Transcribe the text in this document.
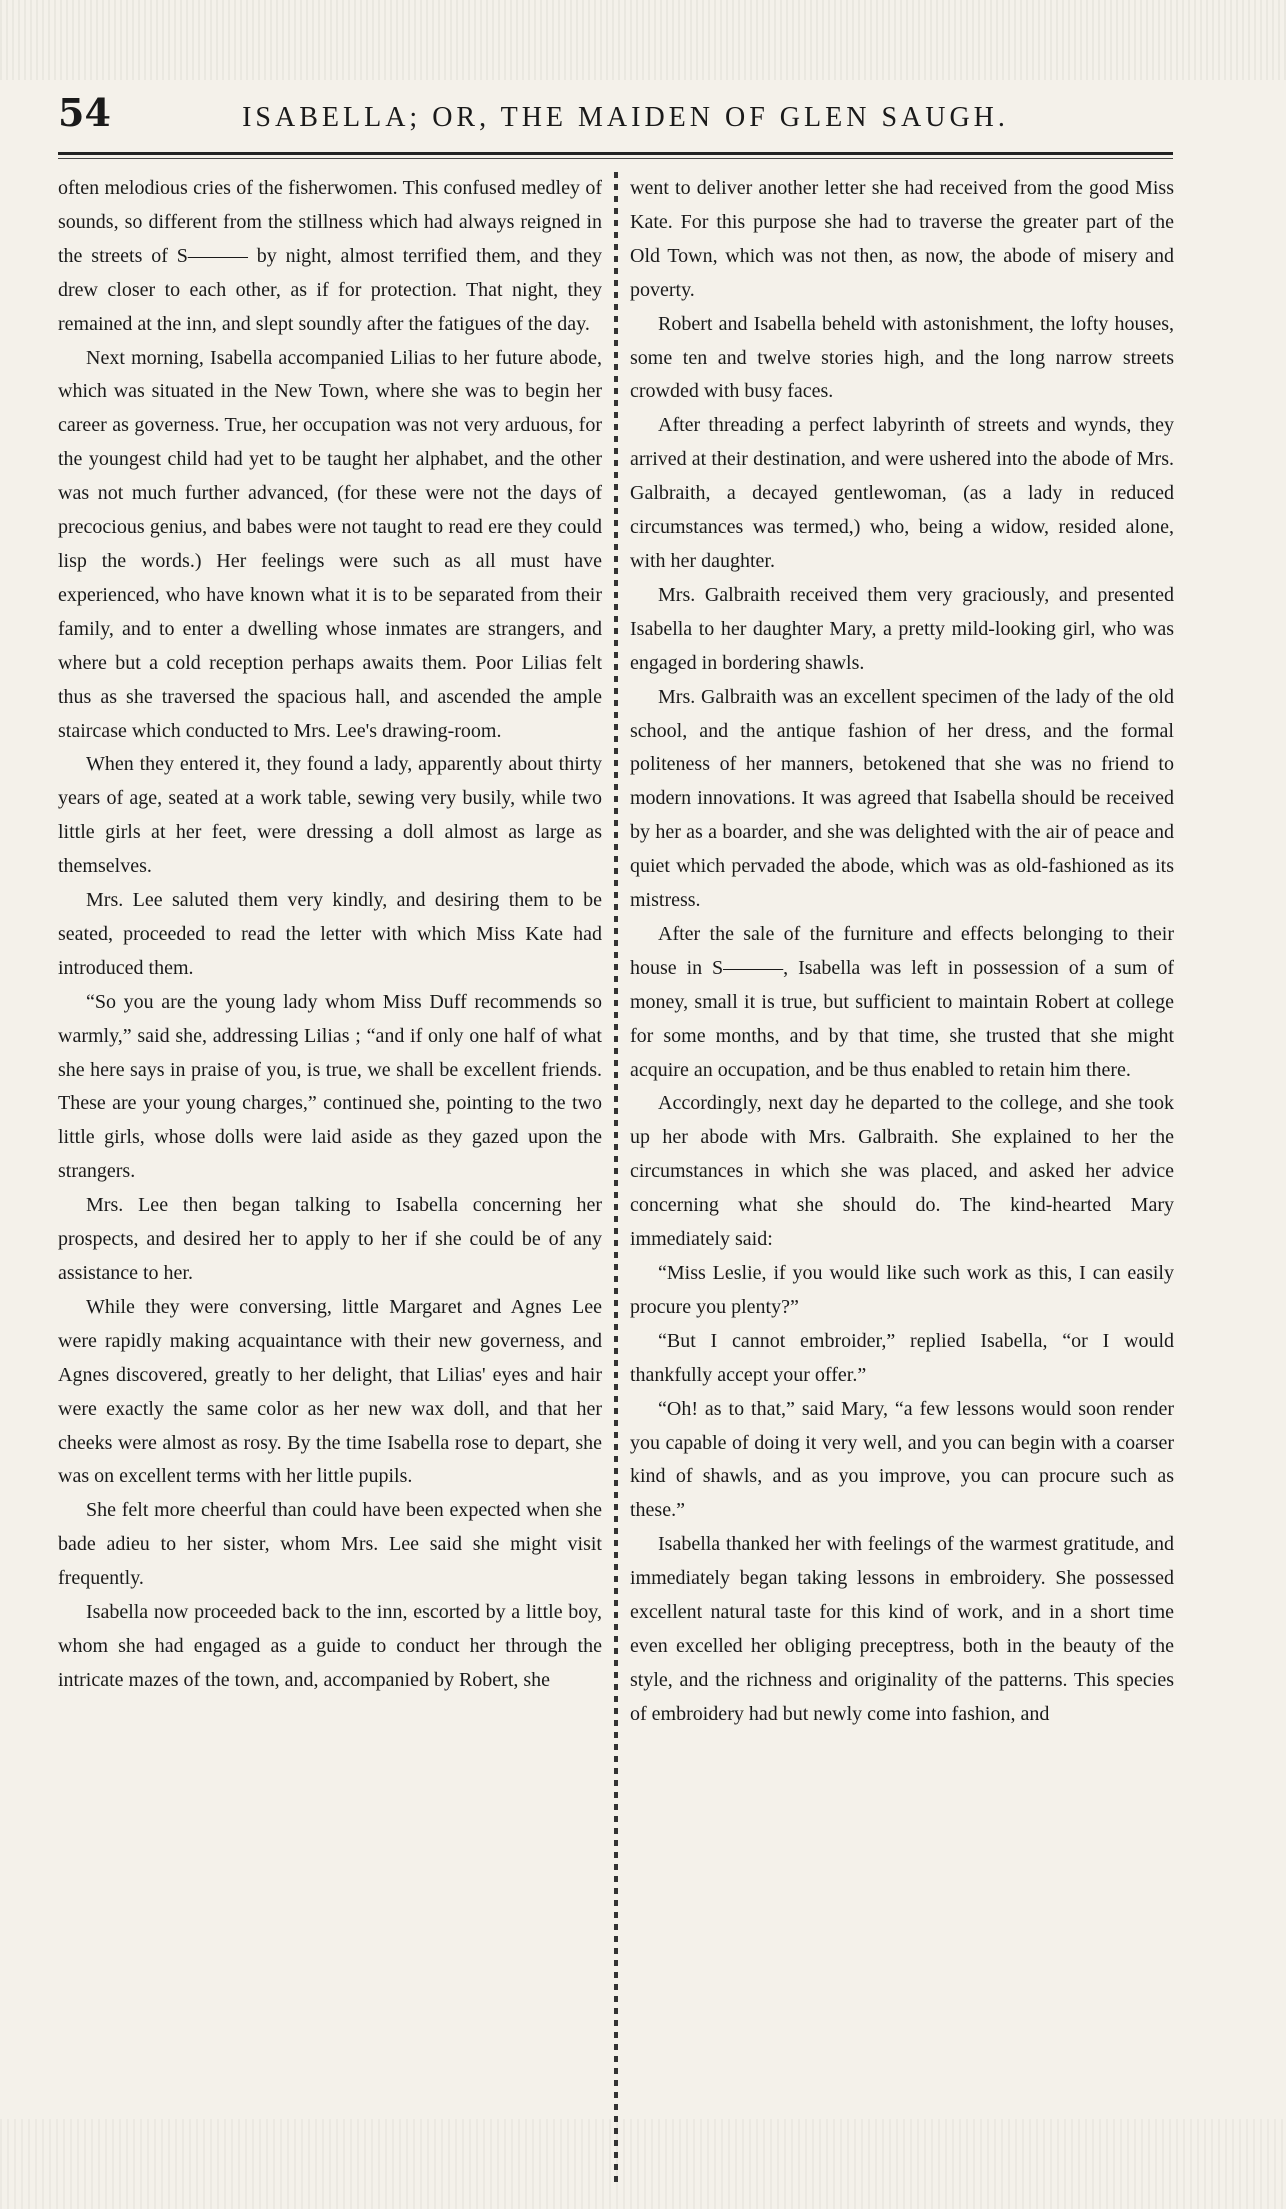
54	ISABELLA; OR, THE MAIDEN OF GLEN SAUGH.

often melodious cries of the fisherwomen. This confused medley of sounds, so different from the stillness which had always reigned in the streets of S——— by night, almost terrified them, and they drew closer to each other, as if for protection. That night, they remained at the inn, and slept soundly after the fatigues of the day.

Next morning, Isabella accompanied Lilias to her future abode, which was situated in the New Town, where she was to begin her career as governess. True, her occupation was not very arduous, for the youngest child had yet to be taught her alphabet, and the other was not much further advanced, (for these were not the days of precocious genius, and babes were not taught to read ere they could lisp the words.) Her feelings were such as all must have experienced, who have known what it is to be separated from their family, and to enter a dwelling whose inmates are strangers, and where but a cold reception perhaps awaits them. Poor Lilias felt thus as she traversed the spacious hall, and ascended the ample staircase which conducted to Mrs. Lee's drawing-room.

When they entered it, they found a lady, apparently about thirty years of age, seated at a work table, sewing very busily, while two little girls at her feet, were dressing a doll almost as large as themselves.

Mrs. Lee saluted them very kindly, and desiring them to be seated, proceeded to read the letter with which Miss Kate had introduced them.

“So you are the young lady whom Miss Duff recommends so warmly,” said she, addressing Lilias ; “and if only one half of what she here says in praise of you, is true, we shall be excellent friends. These are your young charges,” continued she, pointing to the two little girls, whose dolls were laid aside as they gazed upon the strangers.

Mrs. Lee then began talking to Isabella concerning her prospects, and desired her to apply to her if she could be of any assistance to her.

While they were conversing, little Margaret and Agnes Lee were rapidly making acquaintance with their new governess, and Agnes discovered, greatly to her delight, that Lilias' eyes and hair were exactly the same color as her new wax doll, and that her cheeks were almost as rosy. By the time Isabella rose to depart, she was on excellent terms with her little pupils.

She felt more cheerful than could have been expected when she bade adieu to her sister, whom Mrs. Lee said she might visit frequently.

Isabella now proceeded back to the inn, escorted by a little boy, whom she had engaged as a guide to conduct her through the intricate mazes of the town, and, accompanied by Robert, she

went to deliver another letter she had received from the good Miss Kate. For this purpose she had to traverse the greater part of the Old Town, which was not then, as now, the abode of misery and poverty.

Robert and Isabella beheld with astonishment, the lofty houses, some ten and twelve stories high, and the long narrow streets crowded with busy faces.

After threading a perfect labyrinth of streets and wynds, they arrived at their destination, and were ushered into the abode of Mrs. Galbraith, a decayed gentlewoman, (as a lady in reduced circumstances was termed,) who, being a widow, resided alone, with her daughter.

Mrs. Galbraith received them very graciously, and presented Isabella to her daughter Mary, a pretty mild-looking girl, who was engaged in bordering shawls.

Mrs. Galbraith was an excellent specimen of the lady of the old school, and the antique fashion of her dress, and the formal politeness of her manners, betokened that she was no friend to modern innovations. It was agreed that Isabella should be received by her as a boarder, and she was delighted with the air of peace and quiet which pervaded the abode, which was as old-fashioned as its mistress.

After the sale of the furniture and effects belonging to their house in S———, Isabella was left in possession of a sum of money, small it is true, but sufficient to maintain Robert at college for some months, and by that time, she trusted that she might acquire an occupation, and be thus enabled to retain him there.

Accordingly, next day he departed to the college, and she took up her abode with Mrs. Galbraith. She explained to her the circumstances in which she was placed, and asked her advice concerning what she should do. The kind-hearted Mary immediately said:

“Miss Leslie, if you would like such work as this, I can easily procure you plenty?”

“But I cannot embroider,” replied Isabella, “or I would thankfully accept your offer.”

“Oh! as to that,” said Mary, “a few lessons would soon render you capable of doing it very well, and you can begin with a coarser kind of shawls, and as you improve, you can procure such as these.”

Isabella thanked her with feelings of the warmest gratitude, and immediately began taking lessons in embroidery. She possessed excellent natural taste for this kind of work, and in a short time even excelled her obliging preceptress, both in the beauty of the style, and the richness and originality of the patterns. This species of embroidery had but newly come into fashion, and
